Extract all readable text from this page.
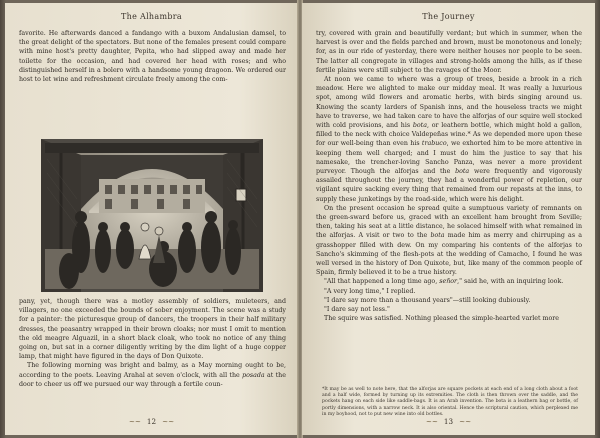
The Alhambra

favorite. He afterwards danced a fandango with a buxom Andalusian damsel, to the great delight of the spectators. But none of the females present could compare with mine host's pretty daughter, Pepita, who had slipped away and made her toilette for the occasion, and had covered her head with roses; and who distinguished herself in a bolero with a handsome young dragoon. We ordered our host to let wine and refreshment circulate freely among the com-

pany, yet, though there was a motley assembly of soldiers, muleteers, and villagers, no one exceeded the bounds of sober enjoyment. The scene was a study for a painter: the picturesque group of dancers, the troopers in their half military dresses, the peasantry wrapped in their brown cloaks; nor must I omit to mention the old meagre Alguazil, in a short black cloak, who took no notice of any thing going on, but sat in a corner diligently writing by the dim light of a huge copper lamp, that might have figured in the days of Don Quixote.

The following morning was bright and balmy, as a May morning ought to be, according to the poets. Leaving Arahal at seven o'clock, with all the posada at the door to cheer us off we pursued our way through a fertile coun-

~~ 12 ~~
The Journey

try, covered with grain and beautifully verdant; but which in summer, when the harvest is over and the fields parched and brown, must be monotonous and lonely; for, as in our ride of yesterday, there were neither houses nor people to be seen. The latter all congregate in villages and strong-holds among the hills, as if these fertile plains were still subject to the ravages of the Moor.

At noon we came to where was a group of trees, beside a brook in a rich meadow. Here we alighted to make our midday meal. It was really a luxurious spot, among wild flowers and aromatic herbs, with birds singing around us. Knowing the scanty larders of Spanish inns, and the houseless tracts we might have to traverse, we had taken care to have the alforjas of our squire well stocked with cold provisions, and his bota, or leathern bottle, which might hold a gallon, filled to the neck with choice Valdepeñas wine.* As we depended more upon these for our well-being than even his trabuco, we exhorted him to be more attentive in keeping them well charged; and I must do him the justice to say that his namesake, the trencher-loving Sancho Panza, was never a more provident purveyor. Though the alforjas and the bota were frequently and vigorously assailed throughout the journey, they had a wonderful power of repletion, our vigilant squire sacking every thing that remained from our repasts at the inns, to supply these junketings by the road-side, which were his delight.

On the present occasion he spread quite a sumptuous variety of remnants on the green-sward before us, graced with an excellent ham brought from Seville; then, taking his seat at a little distance, he solaced himself with what remained in the alforjas. A visit or two to the bota made him as merry and chirruping as a grasshopper filled with dew. On my comparing his contents of the alforjas to Sancho's skimming of the flesh-pots at the wedding of Camacho, I found he was well versed in the history of Don Quixote, but, like many of the common people of Spain, firmly believed it to be a true history.

"All that happened a long time ago, señor," said he, with an inquiring look.

"A very long time," I replied.

"I dare say more than a thousand years"—still looking dubiously.

"I dare say not less."

The squire was satisfied. Nothing pleased the simple-hearted varlet more

*It may be as well to note here, that the alforjas are square pockets at each end of a long cloth about a foot and a half wide, formed by turning up its extremities. The cloth is then thrown over the saddle, and the pockets hang on each side like saddle-bags. It is an Arab invention. The bota is a leathern bag or bottle, of portly dimensions, with a narrow neck. It is also oriental. Hence the scriptural caution, which perplexed me in my boyhood, not to put new wine into old bottles.

~~ 13 ~~
